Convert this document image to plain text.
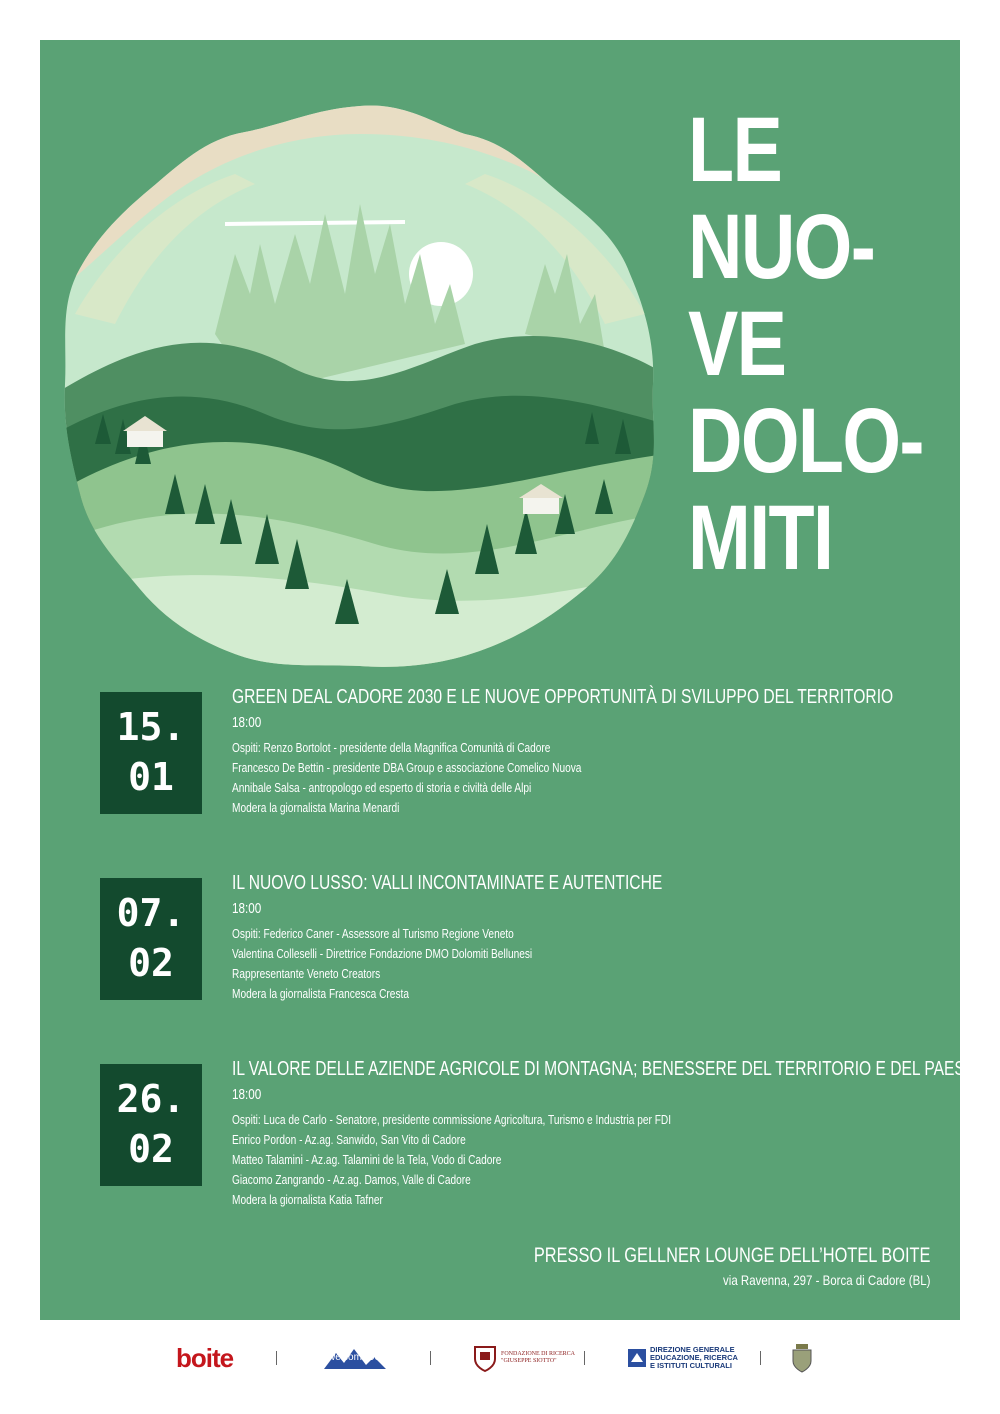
LE
NUO-
VE
DOLO-
MITI
15.
01
GREEN DEAL CADORE 2030 E LE NUOVE OPPORTUNITÀ DI SVILUPPO DEL TERRITORIO
18:00
Ospiti: Renzo Bortolot - presidente della Magnifica Comunità di Cadore
Francesco De Bettin - presidente DBA Group e associazione Comelico Nuova
Annibale Salsa - antropologo ed esperto di storia e civiltà delle Alpi
Modera la giornalista Marina Menardi
07.
02
IL NUOVO LUSSO: VALLI INCONTAMINATE E AUTENTICHE
18:00
Ospiti: Federico Caner - Assessore al Turismo Regione Veneto
Valentina Colleselli - Direttrice Fondazione DMO Dolomiti Bellunesi
Rappresentante Veneto Creators
Modera la giornalista Francesca Cresta
26.
02
IL VALORE DELLE AZIENDE AGRICOLE DI MONTAGNA; BENESSERE DEL TERRITORIO E DEL PAESE
18:00
Ospiti: Luca de Carlo - Senatore, presidente commissione Agricoltura, Turismo e Industria per FDI
Enrico Pordon - Az.ag. Sanwido, San Vito di Cadore
Matteo Talamini - Az.ag. Talamini de la Tela, Vodo di Cadore
Giacomo Zangrando - Az.ag. Damos, Valle di Cadore
Modera la giornalista Katia Tafner
PRESSO IL GELLNER LOUNGE DELL’HOTEL BOITE
via Ravenna, 297 - Borca di Cadore (BL)
boite	welcomeDolomiti	FONDAZIONE DI RICERCA
"GIUSEPPE SIOTTO"
DIREZIONE GENERALE
EDUCAZIONE, RICERCA
E ISTITUTI CULTURALI
